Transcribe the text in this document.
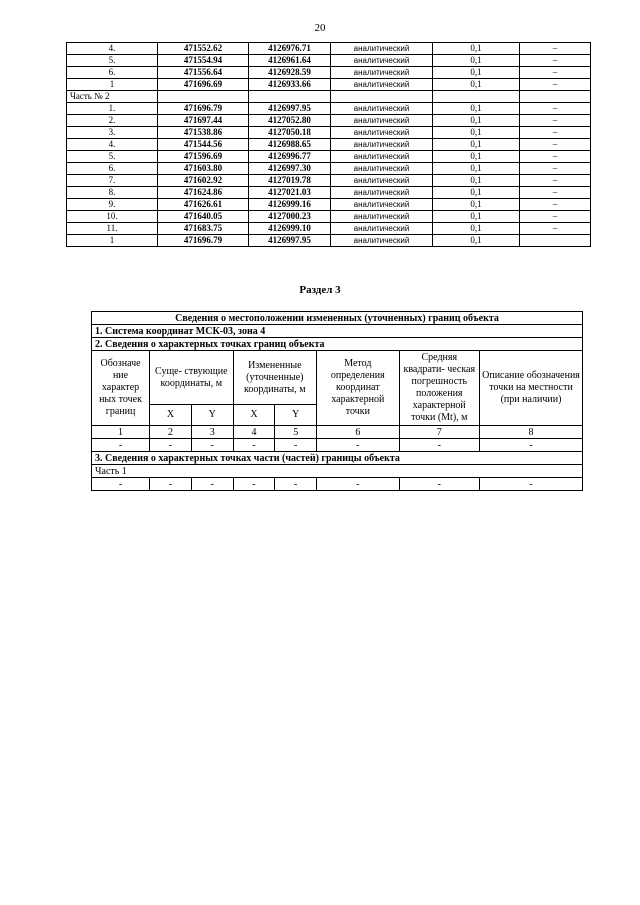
20
4.	471552.62	4126976.71	аналитический	0,1	–
5.	471554.94	4126961.64	аналитический	0,1	–
6.	471556.64	4126928.59	аналитический	0,1	–
1	471696.69	4126933.66	аналитический	0,1	–
Часть № 2					
1.	471696.79	4126997.95	аналитический	0,1	–
2.	471697.44	4127052.80	аналитический	0,1	–
3.	471538.86	4127050.18	аналитический	0,1	–
4.	471544.56	4126988.65	аналитический	0,1	–
5.	471596.69	4126996.77	аналитический	0,1	–
6.	471603.80	4126997.30	аналитический	0,1	–
7.	471602.92	4127019.78	аналитический	0,1	–
8.	471624.86	4127021.03	аналитический	0,1	–
9.	471626.61	4126999.16	аналитический	0,1	–
10.	471640.05	4127000.23	аналитический	0,1	–
11.	471683.75	4126999.10	аналитический	0,1	–
1	471696.79	4126997.95	аналитический	0,1	
Раздел 3
Сведения о местоположении измененных (уточненных) границ объекта							
1. Система координат МСК-03, зона 4							
2. Сведения о характерных точках границ объекта							
Обозначе ние характер ных точек границ	Суще- ствующие координаты, м		Измененные (уточненные) координаты, м		Метод определения координат характерной точки	Средняя квадрати- ческая погрешность положения характерной точки (Mt), м	Описание обозначения точки на местности (при наличии)
	X	Y	X	Y			
1	2	3	4	5	6	7	8
-	-	-	-	-	-	-	-
3. Сведения о характерных точках части (частей) границы объекта							
Часть 1							
-	-	-	-	-	-	-	-
